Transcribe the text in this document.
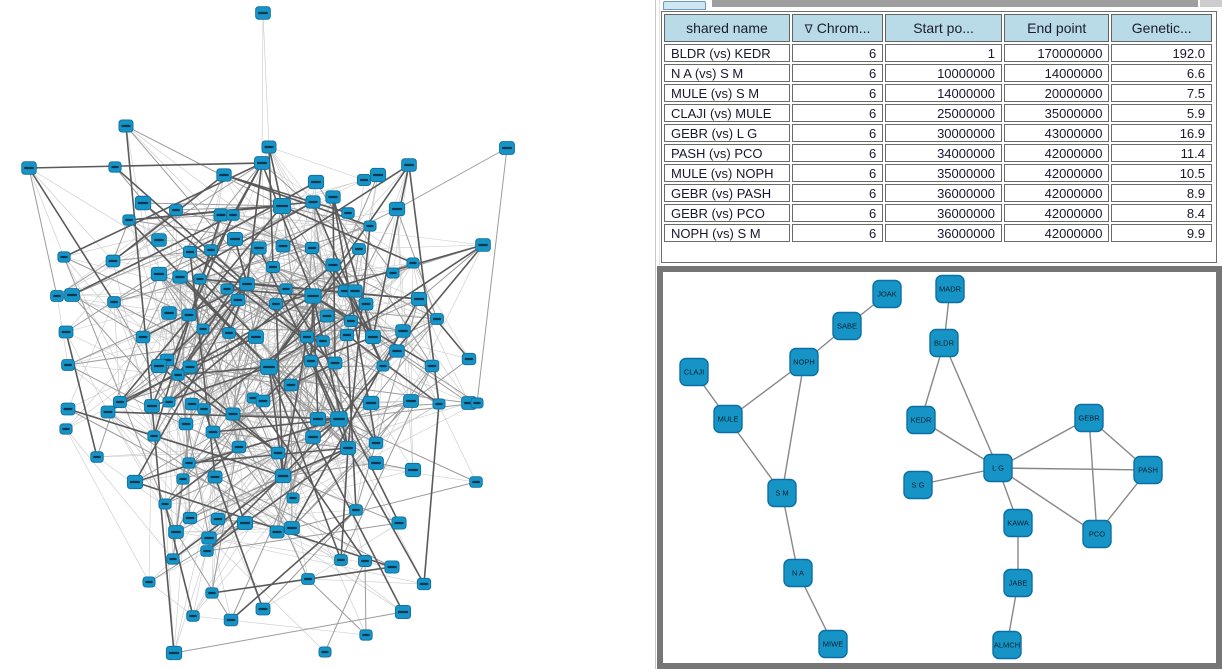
shared name	∇ Chrom...	Start po...	End point	Genetic...
BLDR (vs) KEDR	6	1	170000000	192.0
N A (vs) S M	6	10000000	14000000	6.6
MULE (vs) S M	6	14000000	20000000	7.5
CLAJI (vs) MULE	6	25000000	35000000	5.9
GEBR (vs) L G	6	30000000	43000000	16.9
PASH (vs) PCO	6	34000000	42000000	11.4
MULE (vs) NOPH	6	35000000	42000000	10.5
GEBR (vs) PASH	6	36000000	42000000	8.9
GEBR (vs) PCO	6	36000000	42000000	8.4
NOPH (vs) S M	6	36000000	42000000	9.9
JOAK
SABE
NOPH
CLAJI
MULE
S M
N A
MIWE
MADR
BLDR
KEDR
L G
S G
GEBR
PASH
KAWA
PCO
JABE
ALMCH
